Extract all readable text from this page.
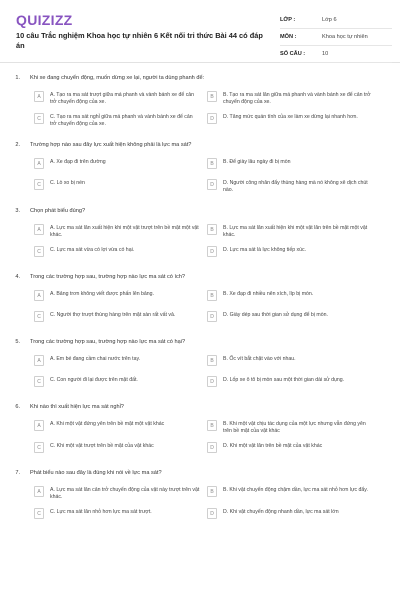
QUIZIZZ
10 câu Trắc nghiệm Khoa học tự nhiên 6 Kết nối tri thức Bài 44 có đáp án
LỚP :	Lớp 6
MÔN :	Khoa học tự nhiên
SỐ CÂU :	10
1.	Khi xe đang chuyển động, muốn dừng xe lại, người ta dùng phanh để:
A	A. Tạo ra ma sát trượt giữa má phanh và vành bánh xe để cản trở chuyển động của xe.
B	B. Tạo ra ma sát lăn giữa má phanh và vành bánh xe để cản trở chuyển động của xe.
C	C. Tạo ra ma sát nghỉ giữa má phanh và vành bánh xe để cản trở chuyển động của xe.
D	D. Tăng mức quán tính của xe làm xe dừng lại nhanh hơn.
2.	Trường hợp nào sau đây lực xuất hiện không phải là lực ma sát?
A	A. Xe đạp đi trên đường	B	B. Để giày lâu ngày đi bị mòn
C	C. Lò xo bị nén	D	D. Người công nhân đẩy thùng hàng mà nó không xê dịch chút nào.
3.	Chọn phát biểu đúng?
A	A. Lực ma sát lăn xuất hiện khi một vật trượt trên bề mặt một vật khác.
B	B. Lực ma sát lăn xuất hiện khi một vật lăn trên bề mặt một vật khác.
C	C. Lực ma sát vừa có lợi vừa có hại.	D	D. Lực ma sát là lực không tiếp xúc.
4.	Trong các trường hợp sau, trường hợp nào lực ma sát có ích?
A	A. Bảng trơn không viết được phấn lên bảng.	B	B. Xe đạp đi nhiều nên xích, líp bị mòn.
C	C. Người thợ trượt thùng hàng trên mặt sàn rất vất vả.	D	D. Giày dép sau thời gian sử dụng để bị mòn.
5.	Trong các trường hợp sau, trường hợp nào lực ma sát có hại?
A	A. Em bé đang cầm chai nước trên tay.	B	B. Ốc vít bắt chặt vào với nhau.
C	C. Con người đi lại được trên mặt đất.	D	D. Lốp xe ô tô bị mòn sau một thời gian dài sử dụng.
6.	Khi nào thì xuất hiện lực ma sát nghỉ?
A	A. Khi một vật đứng yên trên bề mặt một vật khác	B	B. Khi một vật chịu tác dụng của một lực nhưng vẫn đứng yên trên bề mặt của vật khác
C	C. Khi một vật trượt trên bề mặt của vật khác	D	D. Khi một vật lăn trên bề mặt của vật khác
7.	Phát biểu nào sau đây là đúng khi nói về lực ma sát?
A	A. Lực ma sát lăn cản trở chuyển động của vật này trượt trên vật khác.
B	B. Khi vật chuyển động chậm dần, lực ma sát nhỏ hơn lực đẩy.
C	C. Lực ma sát lăn nhỏ hơn lực ma sát trượt.	D	D. Khi vật chuyển động nhanh dần, lực ma sát lớn
